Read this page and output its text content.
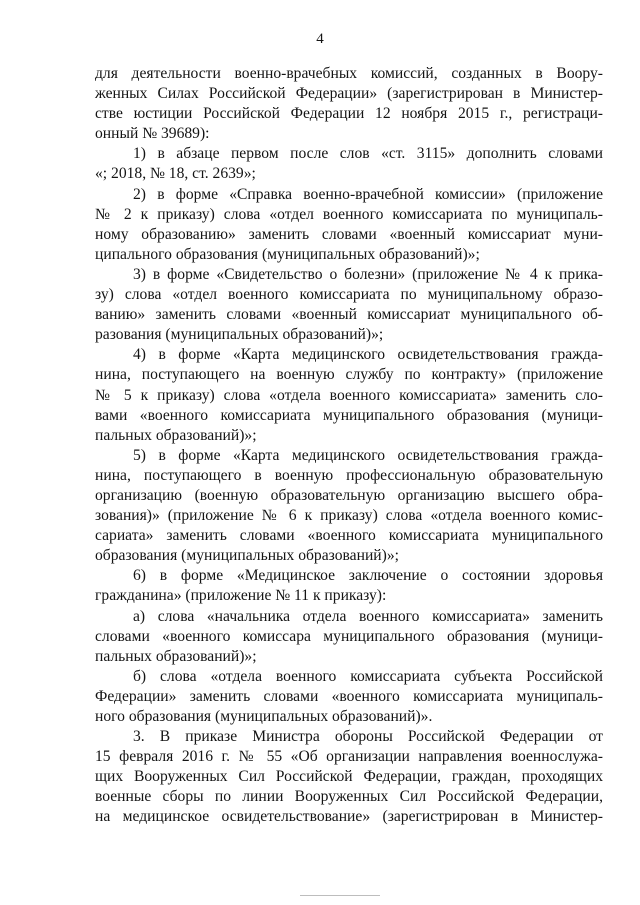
4

для деятельности военно-врачебных комиссий, созданных в Воору-

женных Силах Российской Федерации» (зарегистрирован в Министер-

стве юстиции Российской Федерации 12 ноября 2015 г., регистраци-

онный № 39689):

1) в абзаце первом после слов «ст. 3115» дополнить словами

«; 2018, № 18, ст. 2639»;

2) в форме «Справка военно-врачебной комиссии» (приложение

№ 2 к приказу) слова «отдел военного комиссариата по муниципаль-

ному образованию» заменить словами «военный комиссариат муни-

ципального образования (муниципальных образований)»;

3) в форме «Свидетельство о болезни» (приложение № 4 к прика-

зу) слова «отдел военного комиссариата по муниципальному образо-

ванию» заменить словами «военный комиссариат муниципального об-

разования (муниципальных образований)»;

4) в форме «Карта медицинского освидетельствования гражда-

нина, поступающего на военную службу по контракту» (приложение

№ 5 к приказу) слова «отдела военного комиссариата» заменить сло-

вами «военного комиссариата муниципального образования (муници-

пальных образований)»;

5) в форме «Карта медицинского освидетельствования гражда-

нина, поступающего в военную профессиональную образовательную

организацию (военную образовательную организацию высшего обра-

зования)» (приложение № 6 к приказу) слова «отдела военного комис-

сариата» заменить словами «военного комиссариата муниципального

образования (муниципальных образований)»;

6) в форме «Медицинское заключение о состоянии здоровья

гражданина» (приложение № 11 к приказу):

а) слова «начальника отдела военного комиссариата» заменить

словами «военного комиссара муниципального образования (муници-

пальных образований)»;

б) слова «отдела военного комиссариата субъекта Российской

Федерации» заменить словами «военного комиссариата муниципаль-

ного образования (муниципальных образований)».

3. В приказе Министра обороны Российской Федерации от

15 февраля 2016 г. № 55 «Об организации направления военнослужа-

щих Вооруженных Сил Российской Федерации, граждан, проходящих

военные сборы по линии Вооруженных Сил Российской Федерации,

на медицинское освидетельствование» (зарегистрирован в Министер-
